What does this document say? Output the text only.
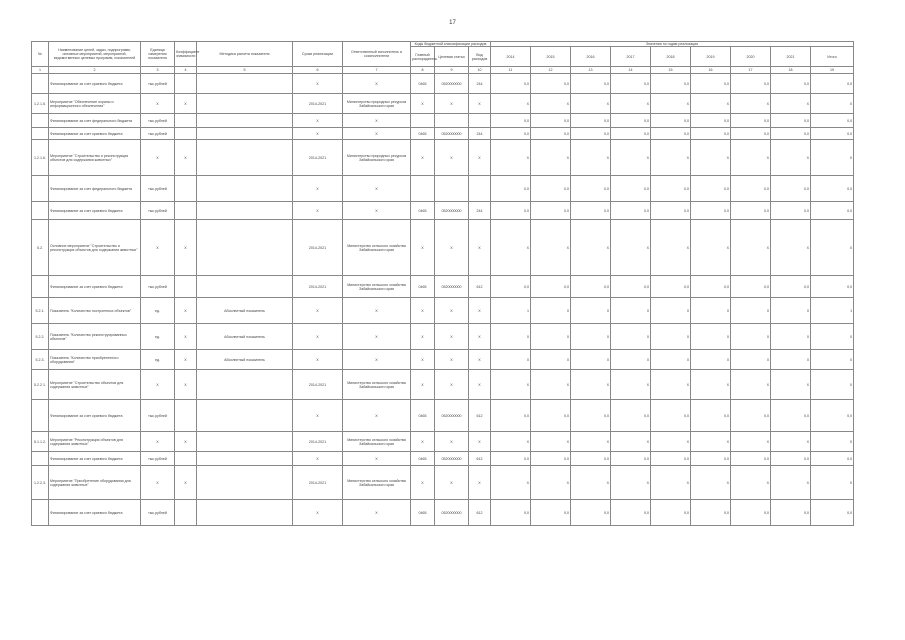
17
№	Наименование целей, задач, подпрограмм, основных мероприятий, мероприятий, ведомственных целевых программ, показателей	Единица измерения показателя	Коэффициент значимости	Методика расчета показателя	Сроки реализации	Ответственный исполнитель и соисполнители	Коды бюджетной классификации расходов			Значения по годам реализации								
							Главный распорядитель	Целевая статья	Вид расходов	2014	2015	2016	2017	2018	2019	2020	2021	Итого
1	2	3	4	5	6	7	8	9	10	11	12	13	14	15	16	17	18	19
	Финансирование за счет краевого бюджета	тыс.рублей			Х	Х	0465	0520000000	244	0,0	0,0	0,0	0,0	0,0	0,0	0,0	0,0	0,0
1.2.1.5.	Мероприятие "Обеспечение охраны и информационного обеспечения"	Х	Х		2014-2021	Министерство природных ресурсов Забайкальского края	Х	Х	Х	Х	Х	Х	Х	Х	Х	Х	Х	Х
	Финансирование за счет федерального бюджета	тыс.рублей			Х	Х				0,0	0,0	0,0	0,0	0,0	0,0	0,0	0,0	0,0
	Финансирование за счет краевого бюджета	тыс.рублей			Х	Х	0465	0520000000	244	0,0	0,0	0,0	0,0	0,0	0,0	0,0	0,0	0,0
1.2.1.6.	Мероприятие "Строительство и реконструкция объектов для содержания животных"	Х	Х		2014-2021	Министерство природных ресурсов Забайкальского края	Х	Х	Х	Х	Х	Х	Х	Х	Х	Х	Х	Х
	Финансирование за счет федерального бюджета	тыс.рублей			Х	Х				0,0	0,0	0,0	0,0	0,0	0,0	0,0	0,0	0,0
	Финансирование за счет краевого бюджета	тыс.рублей			Х	Х	0465	0520000000	244	0,0	0,0	0,0	0,0	0,0	0,0	0,0	0,0	0,0
5.2.	Основное мероприятие "Строительство и реконструкция объектов для содержания животных"	Х	Х		2014-2021	Министерство сельского хозяйства Забайкальского края	Х	Х	Х	Х	Х	Х	Х	Х	Х	Х	Х	Х
	Финансирование за счет краевого бюджета	тыс.рублей			2014-2021	Министерство сельского хозяйства Забайкальского края	0465	0520000000	612	0,0	0,0	0,0	0,0	0,0	0,0	0,0	0,0	0,0
5.2.1.	Показатель "Количество построенных объектов"	ед.	Х	Абсолютный показатель	Х	Х	Х	Х	Х	1	0	0	0	0	0	0	0	1
5.2.2.	Показатель "Количество реконструированных объектов"	ед.	Х	Абсолютный показатель	Х	Х	Х	Х	Х	0	0	0	0	0	0	0	0	0
5.2.3.	Показатель "Количество приобретенного оборудования"	ед.	Х	Абсолютный показатель	Х	Х	Х	Х	Х	0	0	0	0	0	0	0	0	0
5.2.2.1.	Мероприятие "Строительство объектов для содержания животных"	Х	Х		2014-2021	Министерство сельского хозяйства Забайкальского края	Х	Х	Х	Х	Х	Х	Х	Х	Х	Х	Х	Х
	Финансирование за счет краевого бюджета	тыс.рублей			Х	Х	0465	0520000000	612	0,0	0,0	0,0	0,0	0,0	0,0	0,0	0,0	0,0
5.1.1.2.	Мероприятие "Реконструкция объектов для содержания животных"	Х	Х		2014-2021	Министерство сельского хозяйства Забайкальского края	Х	Х	Х	Х	Х	Х	Х	Х	Х	Х	Х	Х
	Финансирование за счет краевого бюджета	тыс.рублей			Х	Х	0465	0520000000	612	0,0	0,0	0,0	0,0	0,0	0,0	0,0	0,0	0,0
1.2.2.3.	Мероприятие "Приобретение оборудования для содержания животных"	Х	Х		2014-2021	Министерство сельского хозяйства Забайкальского края	Х	Х	Х	Х	Х	Х	Х	Х	Х	Х	Х	Х
	Финансирование за счет краевого бюджета	тыс.рублей			Х	Х	0465	0520000000	612	0,0	0,0	0,0	0,0	0,0	0,0	0,0	0,0	0,0
